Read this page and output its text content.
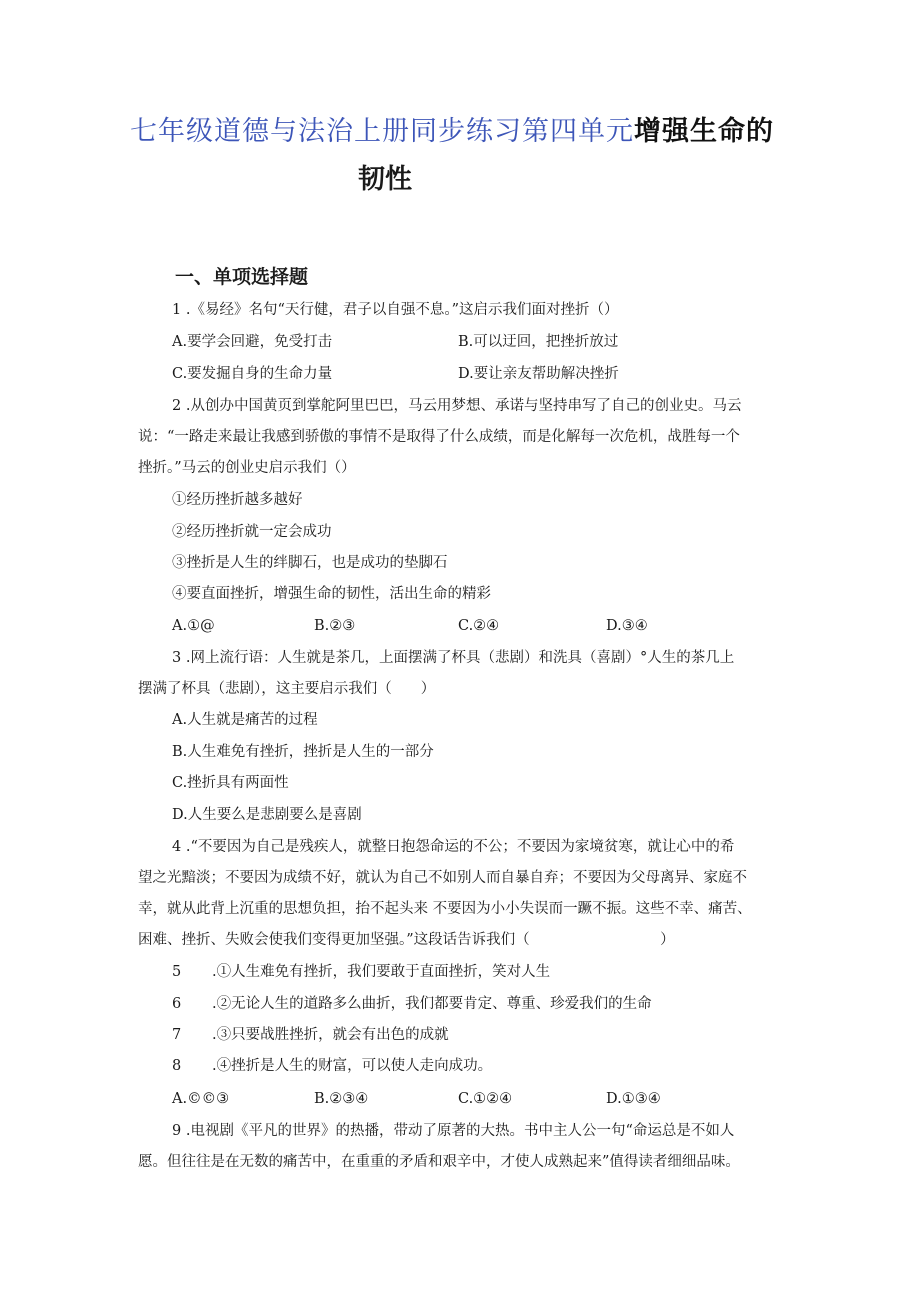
七年级道德与法治上册同步练习第四单元增强生命的
韧性
一、单项选择题
1 .《易经》名句“天行健，君子以自强不息。”这启示我们面对挫折（）
A.要学会回避，免受打击	B.可以迂回，把挫折放过
C.要发掘自身的生命力量	D.要让亲友帮助解决挫折
2 .从创办中国黄页到掌舵阿里巴巴，马云用梦想、承诺与坚持串写了自己的创业史。马云
说：“一路走来最让我感到骄傲的事情不是取得了什么成绩，而是化解每一次危机，战胜每一个
挫折。”马云的创业史启示我们（）
①经历挫折越多越好
②经历挫折就一定会成功
③挫折是人生的绊脚石，也是成功的垫脚石
④要直面挫折，增强生命的韧性，活出生命的精彩
A.①@	B.②③	C.②④	D.③④
3 .网上流行语：人生就是茶几，上面摆满了杯具（悲剧）和洗具（喜剧）°人生的茶几上
摆满了杯具（悲剧），这主要启示我们（　　）
A.人生就是痛苦的过程
B.人生难免有挫折，挫折是人生的一部分
C.挫折具有两面性
D.人生要么是悲剧要么是喜剧
4 .“不要因为自己是残疾人，就整日抱怨命运的不公；不要因为家境贫寒，就让心中的希
望之光黯淡；不要因为成绩不好，就认为自己不如别人而自暴自弃；不要因为父母离异、家庭不
幸，就从此背上沉重的思想负担，抬不起头来 不要因为小小失误而一蹶不振。这些不幸、痛苦、
困难、挫折、失败会使我们变得更加坚强。”这段话告诉我们（　　　　　　　　　）
5 .①人生难免有挫折，我们要敢于直面挫折，笑对人生
6 .②无论人生的道路多么曲折，我们都要肯定、尊重、珍爱我们的生命
7 .③只要战胜挫折，就会有出色的成就
8 .④挫折是人生的财富，可以使人走向成功。
A.©©③	B.②③④	C.①②④	D.①③④
9 .电视剧《平凡的世界》的热播，带动了原著的大热。书中主人公一句“命运总是不如人
愿。但往往是在无数的痛苦中，在重重的矛盾和艰辛中，才使人成熟起来”值得读者细细品味。
